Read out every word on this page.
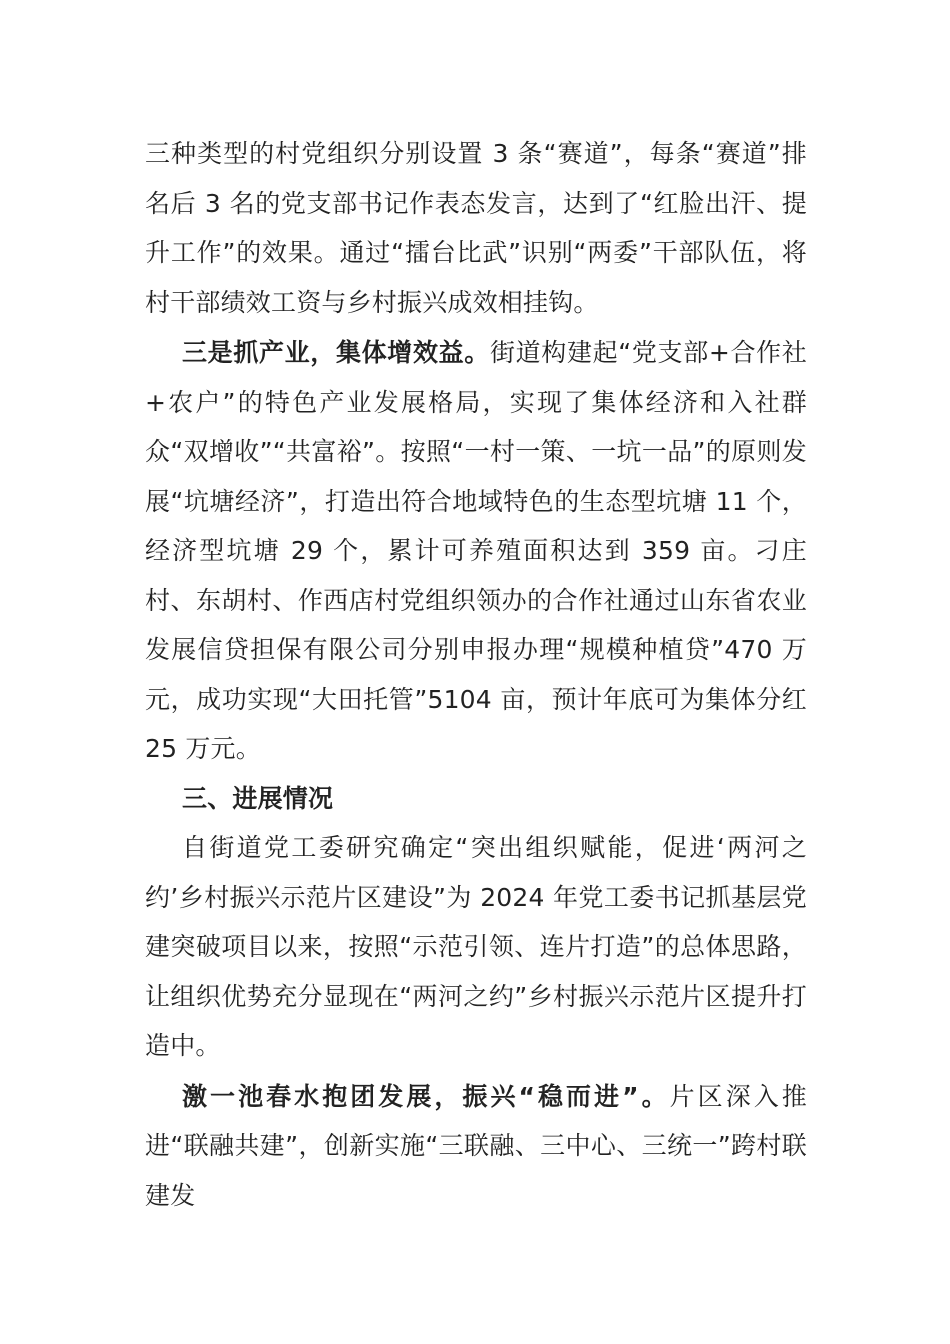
三种类型的村党组织分别设置 3 条“赛道”，每条“赛道”排名后 3 名的党支部书记作表态发言，达到了“红脸出汗、提升工作”的效果。通过“擂台比武”识别“两委”干部队伍，将村干部绩效工资与乡村振兴成效相挂钩。

三是抓产业，集体增效益。街道构建起“党支部+合作社+农户”的特色产业发展格局，实现了集体经济和入社群众“双增收”“共富裕”。按照“一村一策、一坑一品”的原则发展“坑塘经济”，打造出符合地域特色的生态型坑塘 11 个，经济型坑塘 29 个，累计可养殖面积达到 359 亩。刁庄村、东胡村、作西店村党组织领办的合作社通过山东省农业发展信贷担保有限公司分别申报办理“规模种植贷”470 万元，成功实现“大田托管”5104 亩，预计年底可为集体分红 25 万元。

三、进展情况

自街道党工委研究确定“突出组织赋能，促进‘两河之约’乡村振兴示范片区建设”为 2024 年党工委书记抓基层党建突破项目以来，按照“示范引领、连片打造”的总体思路，让组织优势充分显现在“两河之约”乡村振兴示范片区提升打造中。

激一池春水抱团发展，振兴“稳而进”。片区深入推进“联融共建”，创新实施“三联融、三中心、三统一”跨村联建发
